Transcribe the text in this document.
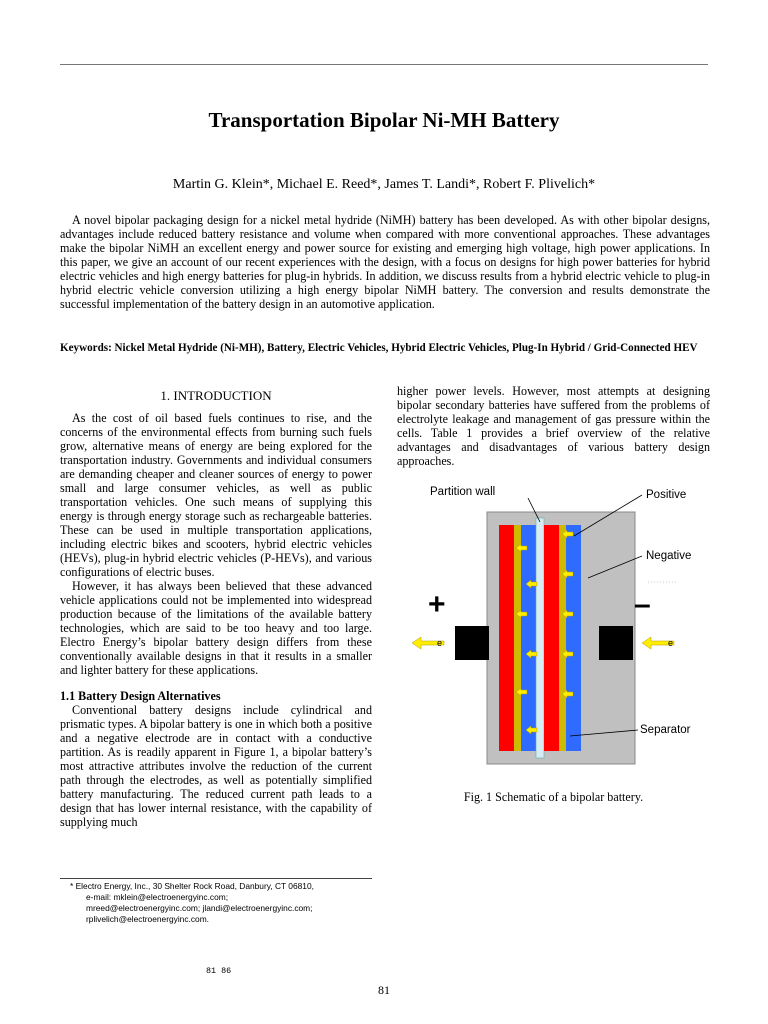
Transportation Bipolar Ni-MH Battery
Martin G. Klein*, Michael E. Reed*, James T. Landi*, Robert F. Plivelich*

A novel bipolar packaging design for a nickel metal hydride (NiMH) battery has been developed. As with other bipolar designs, advantages include reduced battery resistance and volume when compared with more conventional approaches. These advantages make the bipolar NiMH an excellent energy and power source for existing and emerging high voltage, high power applications. In this paper, we give an account of our recent experiences with the design, with a focus on designs for high power batteries for hybrid electric vehicles and high energy batteries for plug-in hybrids. In addition, we discuss results from a hybrid electric vehicle to plug-in hybrid electric vehicle conversion utilizing a high energy bipolar NiMH battery. The conversion and results demonstrate the successful implementation of the battery design in an automotive application.

Keywords: Nickel Metal Hydride (Ni-MH), Battery, Electric Vehicles, Hybrid Electric Vehicles, Plug-In Hybrid / Grid-Connected HEV
1. INTRODUCTION

As the cost of oil based fuels continues to rise, and the concerns of the environmental effects from burning such fuels grow, alternative means of energy are being explored for the transportation industry. Governments and individual consumers are demanding cheaper and cleaner sources of energy to power small and large consumer vehicles, as well as public transportation vehicles. One such means of supplying this energy is through energy storage such as rechargeable batteries. These can be used in multiple transportation applications, including electric bikes and scooters, hybrid electric vehicles (HEVs), plug-in hybrid electric vehicles (P-HEVs), and various configurations of electric buses.

However, it has always been believed that these advanced vehicle applications could not be implemented into widespread production because of the limitations of the available battery technologies, which are said to be too heavy and too large. Electro Energy’s bipolar battery design differs from these conventionally available designs in that it results in a smaller and lighter battery for these applications.

1.1 Battery Design Alternatives

Conventional battery designs include cylindrical and prismatic types. A bipolar battery is one in which both a positive and a negative electrode are in contact with a conductive partition. As is readily apparent in Figure 1, a bipolar battery’s most attractive attributes involve the reduction of the current path through the electrodes, as well as potentially simplified battery manufacturing. The reduced current path leads to a design that has lower internal resistance, with the capability of supplying much

higher power levels. However, most attempts at designing bipolar secondary batteries have suffered from the problems of electrolyte leakage and management of gas pressure within the cells. Table 1 provides a brief overview of the relative advantages and disadvantages of various battery design approaches.

e	e
+	–
Partition wall	Positive
Negative
Separator
Fig. 1 Schematic of a bipolar battery.
* Electro Energy, Inc., 30 Shelter Rock Road, Danbury, CT 06810,
e-mail: mklein@electroenergyinc.com;
mreed@electroenergyinc.com; jlandi@electroenergyinc.com;
rplivelich@electroenergyinc.com.
81 86
81
